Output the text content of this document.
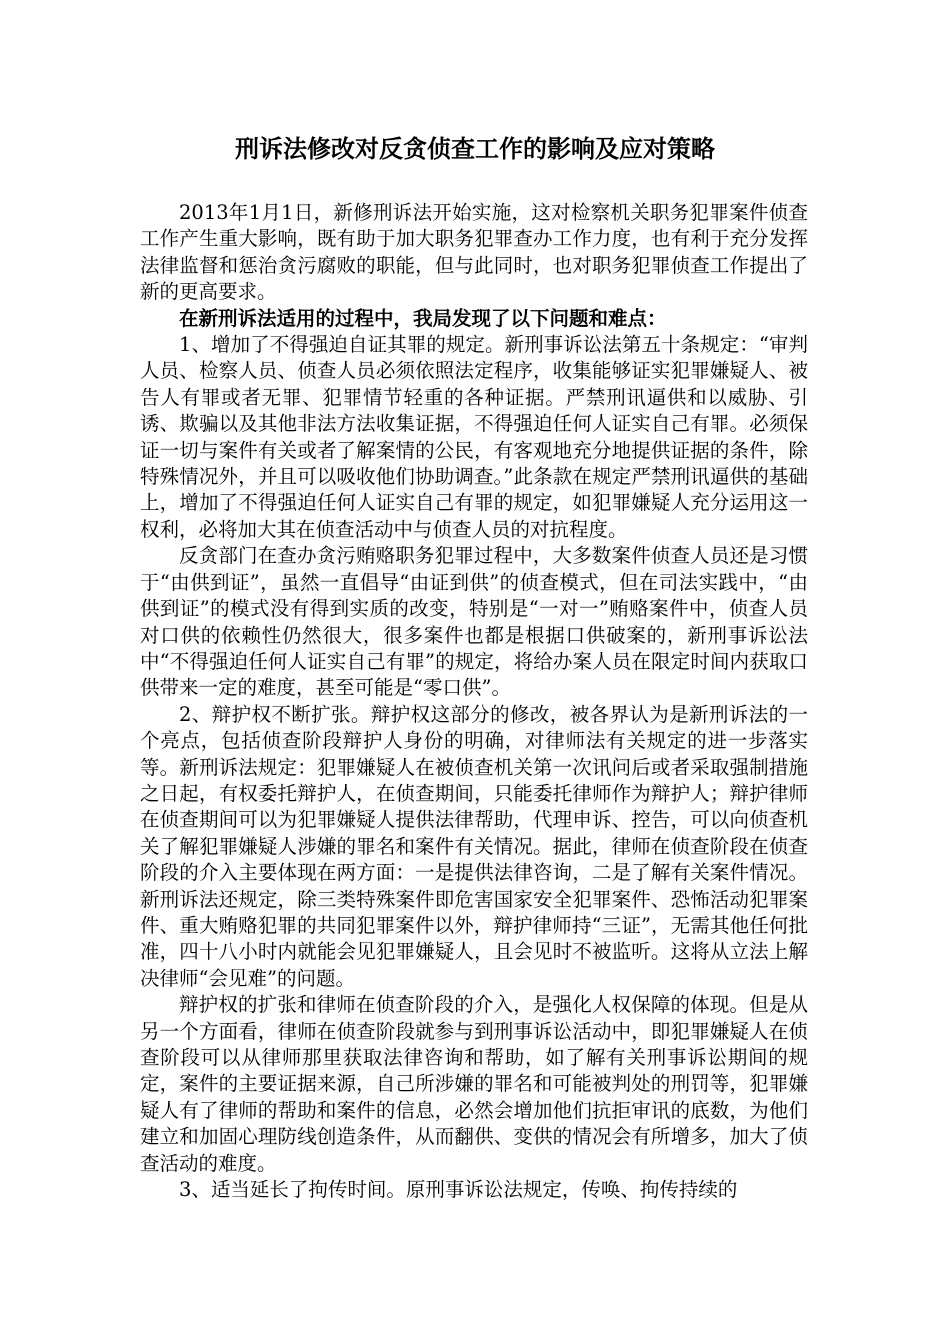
刑诉法修改对反贪侦查工作的影响及应对策略

2013年1月1日，新修刑诉法开始实施，这对检察机关职务犯罪案件侦查工作产生重大影响，既有助于加大职务犯罪查办工作力度，也有利于充分发挥法律监督和惩治贪污腐败的职能，但与此同时，也对职务犯罪侦查工作提出了新的更高要求。

在新刑诉法适用的过程中，我局发现了以下问题和难点：

1、增加了不得强迫自证其罪的规定。新刑事诉讼法第五十条规定：“审判人员、检察人员、侦查人员必须依照法定程序，收集能够证实犯罪嫌疑人、被告人有罪或者无罪、犯罪情节轻重的各种证据。严禁刑讯逼供和以威胁、引诱、欺骗以及其他非法方法收集证据，不得强迫任何人证实自己有罪。必须保证一切与案件有关或者了解案情的公民，有客观地充分地提供证据的条件，除特殊情况外，并且可以吸收他们协助调查。”此条款在规定严禁刑讯逼供的基础上，增加了不得强迫任何人证实自己有罪的规定，如犯罪嫌疑人充分运用这一权利，必将加大其在侦查活动中与侦查人员的对抗程度。

反贪部门在查办贪污贿赂职务犯罪过程中，大多数案件侦查人员还是习惯于“由供到证”，虽然一直倡导“由证到供”的侦查模式，但在司法实践中，“由供到证”的模式没有得到实质的改变，特别是“一对一”贿赂案件中，侦查人员对口供的依赖性仍然很大，很多案件也都是根据口供破案的，新刑事诉讼法中“不得强迫任何人证实自己有罪”的规定，将给办案人员在限定时间内获取口供带来一定的难度，甚至可能是“零口供”。

2、辩护权不断扩张。辩护权这部分的修改，被各界认为是新刑诉法的一个亮点，包括侦查阶段辩护人身份的明确，对律师法有关规定的进一步落实等。新刑诉法规定：犯罪嫌疑人在被侦查机关第一次讯问后或者采取强制措施之日起，有权委托辩护人，在侦查期间，只能委托律师作为辩护人；辩护律师在侦查期间可以为犯罪嫌疑人提供法律帮助，代理申诉、控告，可以向侦查机关了解犯罪嫌疑人涉嫌的罪名和案件有关情况。据此，律师在侦查阶段在侦查阶段的介入主要体现在两方面：一是提供法律咨询，二是了解有关案件情况。新刑诉法还规定，除三类特殊案件即危害国家安全犯罪案件、恐怖活动犯罪案件、重大贿赂犯罪的共同犯罪案件以外，辩护律师持“三证”，无需其他任何批准，四十八小时内就能会见犯罪嫌疑人，且会见时不被监听。这将从立法上解决律师“会见难”的问题。

辩护权的扩张和律师在侦查阶段的介入，是强化人权保障的体现。但是从另一个方面看，律师在侦查阶段就参与到刑事诉讼活动中，即犯罪嫌疑人在侦查阶段可以从律师那里获取法律咨询和帮助，如了解有关刑事诉讼期间的规定，案件的主要证据来源，自己所涉嫌的罪名和可能被判处的刑罚等，犯罪嫌疑人有了律师的帮助和案件的信息，必然会增加他们抗拒审讯的底数，为他们建立和加固心理防线创造条件，从而翻供、变供的情况会有所增多，加大了侦查活动的难度。

3、适当延长了拘传时间。原刑事诉讼法规定，传唤、拘传持续的
